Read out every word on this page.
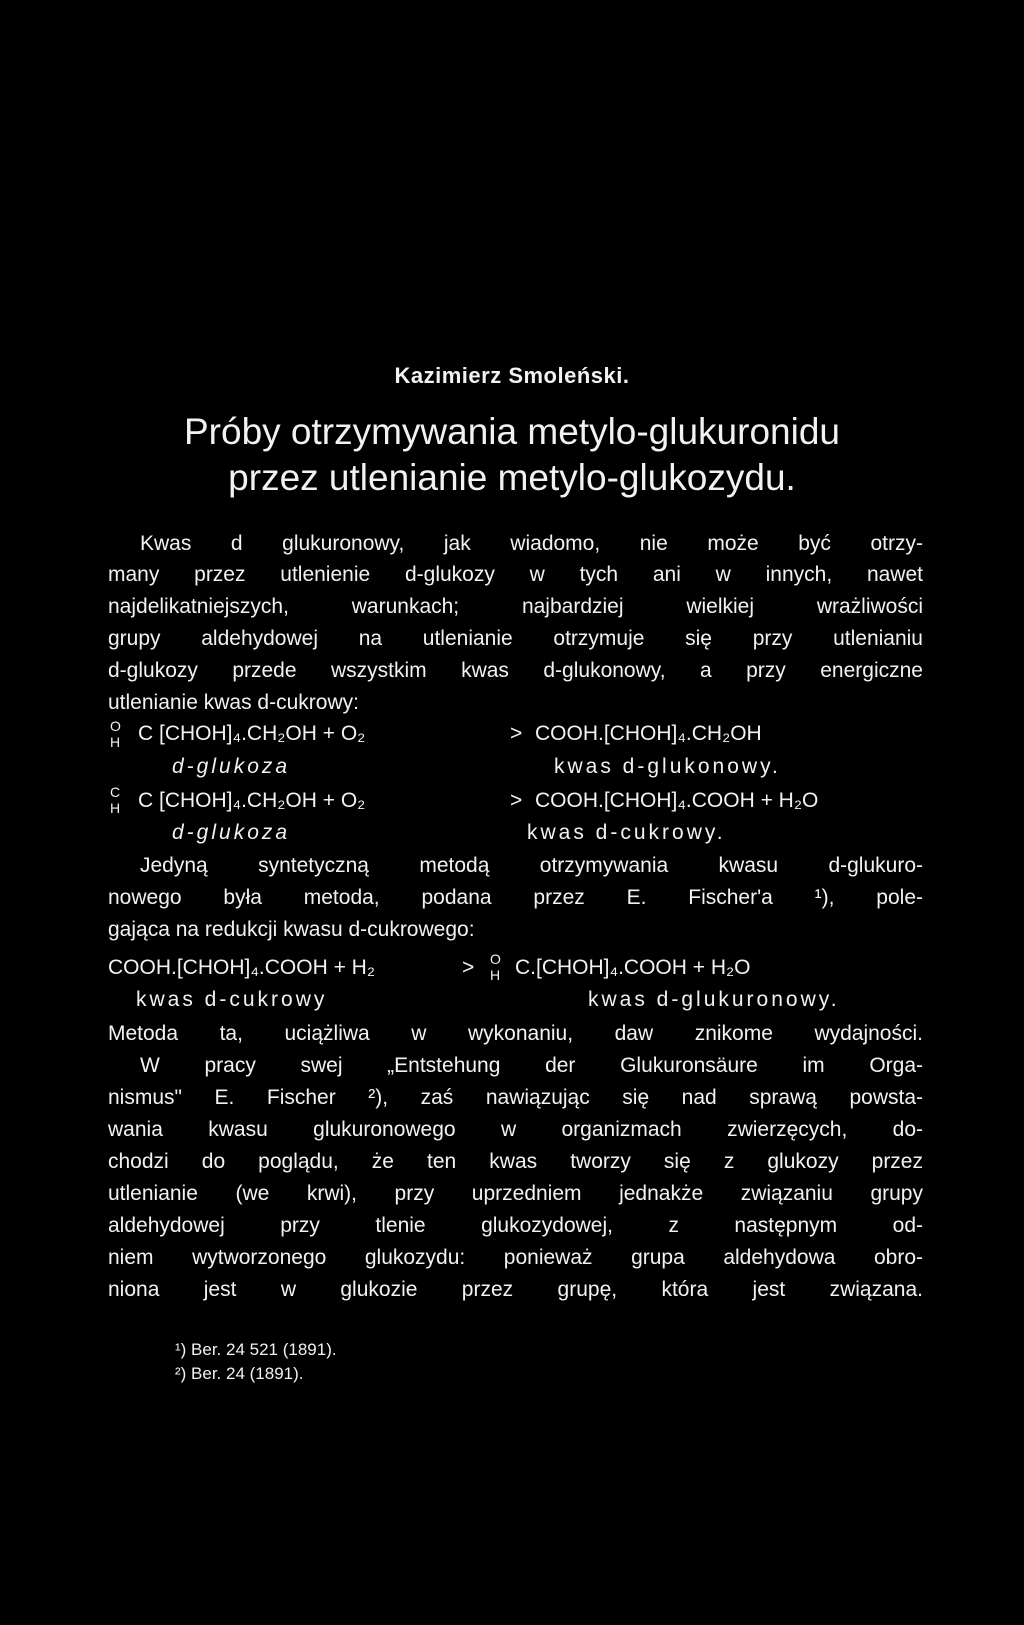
Kazimierz Smoleński.
Próby otrzymywania metylo-glukuronidu
przez utlenianie metylo-glukozydu.
Kwas d glukuronowy, jak wiadomo, nie może być otrzy-
many przez utlenienie d-glukozy w tych ani w innych, nawet
najdelikatniejszych, warunkach; najbardziej wielkiej wrażliwości
grupy aldehydowej na utlenianie otrzymuje się przy utlenianiu
d-glukozy przede wszystkim kwas d-glukonowy, a przy energiczne
utlenianie kwas d-cukrowy:
O
H C [CHOH]₄.CH₂OH + O₂	> COOH.[CHOH]₄.CH₂OH
d-glukoza	kwas d-glukonowy.
C
H C [CHOH]₄.CH₂OH + O₂	> COOH.[CHOH]₄.COOH + H₂O
d-glukoza	kwas d-cukrowy.
Jedyną syntetyczną metodą otrzymywania kwasu d-glukuro-
nowego była metoda, podana przez E. Fischer'a ¹), pole-
gająca na redukcji kwasu d-cukrowego:
COOH.[CHOH]₄.COOH + H₂	> O
H C.[CHOH]₄.COOH + H₂O
kwas d-cukrowy	kwas d-glukuronowy.
Metoda ta, uciążliwa w wykonaniu, daw znikome wydajności.
W pracy swej „Entstehung der Glukuronsäure im Orga-
nismus" E. Fischer ²), zaś nawiązując się nad sprawą powsta-
wania kwasu glukuronowego w organizmach zwierzęcych, do-
chodzi do poglądu, że ten kwas tworzy się z glukozy przez
utlenianie (we krwi), przy uprzedniem jednakże związaniu grupy
aldehydowej przy tlenie glukozydowej, z następnym od-
niem wytworzonego glukozydu: ponieważ grupa aldehydowa obro-
niona jest w glukozie przez grupę, która jest związana.
¹) Ber. 24 521 (1891).
²) Ber. 24 (1891).
